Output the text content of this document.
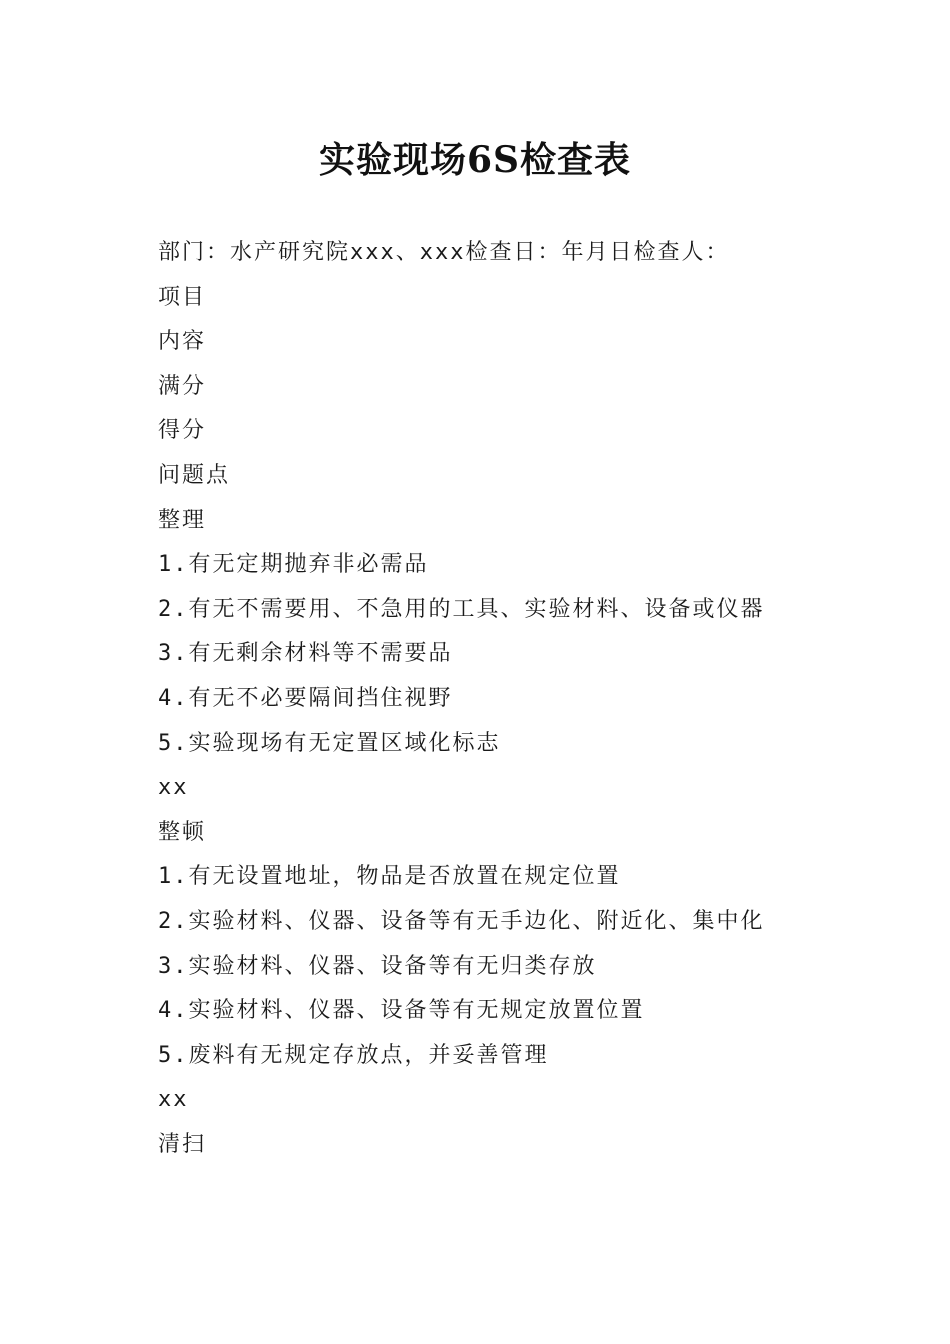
实验现场6S检查表
部门：水产研究院xxx、xxx检查日：年月日检查人：
项目
内容
满分
得分
问题点
整理
1.有无定期抛弃非必需品
2.有无不需要用、不急用的工具、实验材料、设备或仪器
3.有无剩余材料等不需要品
4.有无不必要隔间挡住视野
5.实验现场有无定置区域化标志
xx
整顿
1.有无设置地址，物品是否放置在规定位置
2.实验材料、仪器、设备等有无手边化、附近化、集中化
3.实验材料、仪器、设备等有无归类存放
4.实验材料、仪器、设备等有无规定放置位置
5.废料有无规定存放点，并妥善管理
xx
清扫
